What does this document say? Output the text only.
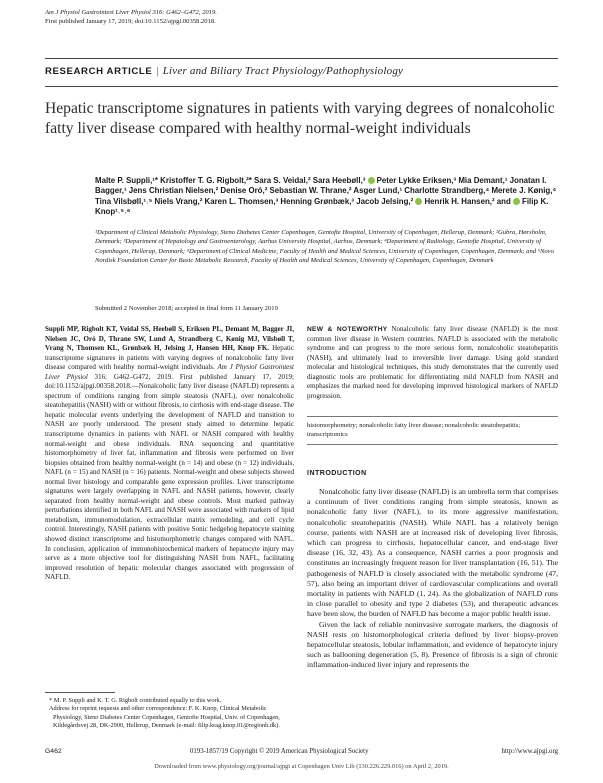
Am J Physiol Gastrointest Liver Physiol 316: G462–G472, 2019.
First published January 17, 2019; doi:10.1152/ajpgi.00358.2018.
RESEARCH ARTICLE | Liver and Biliary Tract Physiology/Pathophysiology
Hepatic transcriptome signatures in patients with varying degrees of nonalcoholic fatty liver disease compared with healthy normal-weight individuals
Malte P. Suppli,¹* Kristoffer T. G. Rigbolt,²* Sara S. Veidal,² Sara Heebøll,³ Peter Lykke Eriksen,³ Mia Demant,¹ Jonatan I. Bagger,¹ Jens Christian Nielsen,² Denise Oró,² Sebastian W. Thrane,² Asger Lund,¹ Charlotte Strandberg,⁴ Merete J. Kønig,⁴ Tina Vilsbøll,¹˒⁵ Niels Vrang,² Karen L. Thomsen,³ Henning Grønbæk,³ Jacob Jelsing,² Henrik H. Hansen,² and Filip K. Knop¹˒⁵˒⁶
¹Department of Clinical Metabolic Physiology, Steno Diabetes Center Copenhagen, Gentofte Hospital, University of Copenhagen, Hellerup, Denmark; ²Gubra, Hørsholm, Denmark; ³Department of Hepatology and Gastroenterology, Aarhus University Hospital, Aarhus, Denmark; ⁴Department of Radiology, Gentofte Hospital, University of Copenhagen, Hellerup, Denmark; ⁵Department of Clinical Medicine, Faculty of Health and Medical Sciences, University of Copenhagen, Copenhagen, Denmark; and ⁶Novo Nordisk Foundation Center for Basic Metabolic Research, Faculty of Health and Medical Sciences, University of Copenhagen, Copenhagen, Denmark
Submitted 2 November 2018; accepted in final form 11 January 2019
Suppli MP, Rigbolt KT, Veidal SS, Heebøll S, Eriksen PL, Demant M, Bagger JI, Nielsen JC, Oró D, Thrane SW, Lund A, Strandberg C, Kønig MJ, Vilsbøll T, Vrang N, Thomsen KL, Grønbæk H, Jelsing J, Hansen HH, Knop FK. Hepatic transcriptome signatures in patients with varying degrees of nonalcoholic fatty liver disease compared with healthy normal-weight individuals. Am J Physiol Gastrointest Liver Physiol 316: G462–G472, 2019. First published January 17, 2019; doi:10.1152/ajpgi.00358.2018.—Nonalcoholic fatty liver disease (NAFLD) represents a spectrum of conditions ranging from simple steatosis (NAFL), over nonalcoholic steatohepatitis (NASH) with or without fibrosis, to cirrhosis with end-stage disease. The hepatic molecular events underlying the development of NAFLD and transition to NASH are poorly understood. The present study aimed to determine hepatic transcriptome dynamics in patients with NAFL or NASH compared with healthy normal-weight and obese individuals. RNA sequencing and quantitative histomorphometry of liver fat, inflammation and fibrosis were performed on liver biopsies obtained from healthy normal-weight (n = 14) and obese (n = 12) individuals, NAFL (n = 15) and NASH (n = 16) patients. Normal-weight and obese subjects showed normal liver histology and comparable gene expression profiles. Liver transcriptome signatures were largely overlapping in NAFL and NASH patients, however, clearly separated from healthy normal-weight and obese controls. Most marked pathway perturbations identified in both NAFL and NASH were associated with markers of lipid metabolism, immunomodulation, extracellular matrix remodeling, and cell cycle control. Interestingly, NASH patients with positive Sonic hedgehog hepatocyte staining showed distinct transcriptome and histomorphometric changes compared with NAFL. In conclusion, application of immunohistochemical markers of hepatocyte injury may serve as a more objective tool for distinguishing NASH from NAFL, facilitating improved resolution of hepatic molecular changes associated with progression of NAFLD.
NEW & NOTEWORTHY Nonalcoholic fatty liver disease (NAFLD) is the most common liver disease in Western countries. NAFLD is associated with the metabolic syndrome and can progress to the more serious form, nonalcoholic steatohepatitis (NASH), and ultimately lead to irreversible liver damage. Using gold standard molecular and histological techniques, this study demonstrates that the currently used diagnostic tools are problematic for differentiating mild NAFLD from NASH and emphasizes the marked need for developing improved histological markers of NAFLD progression.
histomorphometry; nonalcoholic fatty liver disease; nonalcoholic steatohepatitis; transcriptomics
INTRODUCTION

Nonalcoholic fatty liver disease (NAFLD) is an umbrella term that comprises a continuum of liver conditions ranging from simple steatosis, known as nonalcoholic fatty liver (NAFL), to its more aggressive manifestation, nonalcoholic steatohepatitis (NASH). While NAFL has a relatively benign course, patients with NASH are at increased risk of developing liver fibrosis, which can progress to cirrhosis, hepatocellular cancer, and end-stage liver disease (16, 32, 43). As a consequence, NASH carries a poor prognosis and constitutes an increasingly frequent reason for liver transplantation (16, 51). The pathogenesis of NAFLD is closely associated with the metabolic syndrome (47, 57), also being an important driver of cardiovascular complications and overall mortality in patients with NAFLD (1, 24). As the globalization of NAFLD runs in close parallel to obesity and type 2 diabetes (53), and therapeutic advances have been slow, the burden of NAFLD has become a major public health issue.

Given the lack of reliable noninvasive surrogate markers, the diagnosis of NASH rests on histomorphological criteria defined by liver biopsy-proven hepatocellular steatosis, lobular inflammation, and evidence of hepatocyte injury such as ballooning degeneration (5, 8). Presence of fibrosis is a sign of chronic inflammation-induced liver injury and represents the

* M. P. Suppli and K. T. G. Rigbolt contributed equally to this work.

Address for reprint requests and other correspondence: F. K. Knop, Clinical Metabolic Physiology, Steno Diabetes Center Copenhagen, Gentofte Hospital, Univ. of Copenhagen, Kildegårdsvej 28, DK-2900, Hellerup, Denmark (e-mail: filip.krag.knop.01@regionh.dk).

G462	0193-1857/19 Copyright © 2019 American Physiological Society	http://www.ajpgi.org
Downloaded from www.physiology.org/journal/ajpgi at Copenhagen Univ Lib (130.226.229.016) on April 2, 2019.
